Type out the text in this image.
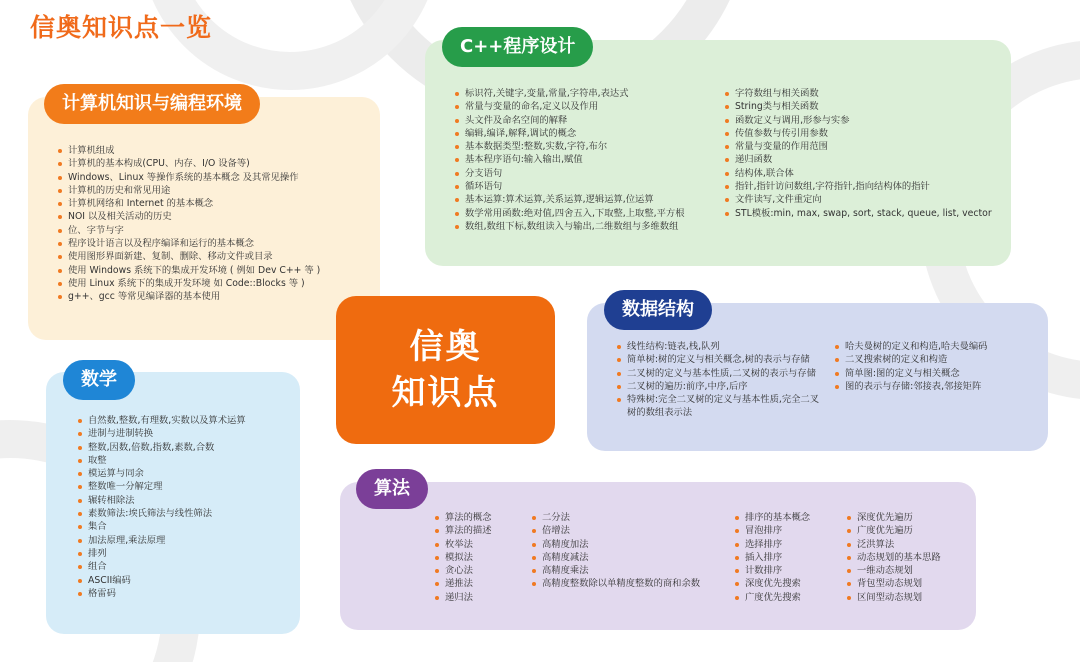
信奥知识点一览
计算机组成
计算机的基本构成(CPU、内存、I/O 设备等)
Windows、Linux 等操作系统的基本概念 及其常见操作
计算机的历史和常见用途
计算机网络和 Internet 的基本概念
NOI 以及相关活动的历史
位、字节与字
程序设计语言以及程序编译和运行的基本概念
使用图形界面新建、复制、删除、移动文件或目录
使用 Windows 系统下的集成开发环境 ( 例如 Dev C++ 等 )
使用 Linux 系统下的集成开发环境 如 Code::Blocks 等 )
g++、gcc 等常见编译器的基本使用
计算机知识与编程环境	标识符,关键字,变量,常量,字符串,表达式
常量与变量的命名,定义以及作用
头文件及命名空间的解释
编辑,编译,解释,调试的概念
基本数据类型:整数,实数,字符,布尔
基本程序语句:输入输出,赋值
分支语句
循环语句
基本运算:算术运算,关系运算,逻辑运算,位运算
数学常用函数:绝对值,四舍五入,下取整,上取整,平方根
数组,数组下标,数组读入与输出,二维数组与多维数组
字符数组与相关函数
String类与相关函数
函数定义与调用,形参与实参
传值参数与传引用参数
常量与变量的作用范围
递归函数
结构体,联合体
指针,指针访问数组,字符指针,指向结构体的指针
文件读写,文件重定向
STL模板:min, max, swap, sort, stack, queue, list, vector
C++程序设计
自然数,整数,有理数,实数以及算术运算
进制与进制转换
整数,因数,倍数,指数,素数,合数
取整
模运算与同余
整数唯一分解定理
辗转相除法
素数筛法:埃氏筛法与线性筛法
集合
加法原理,乘法原理
排列
组合
ASCII编码
格雷码
数学
信奥
知识点
线性结构:链表,栈,队列
简单树:树的定义与相关概念,树的表示与存储
二叉树的定义与基本性质,二叉树的表示与存储
二叉树的遍历:前序,中序,后序
特殊树:完全二叉树的定义与基本性质,完全二叉树的数组表示法
哈夫曼树的定义和构造,哈夫曼编码
二叉搜索树的定义和构造
简单图:图的定义与相关概念
图的表示与存储:邻接表,邻接矩阵
数据结构
算法的概念
算法的描述
枚举法
模拟法
贪心法
递推法
递归法
二分法
倍增法
高精度加法
高精度减法
高精度乘法
高精度整数除以单精度整数的商和余数
排序的基本概念
冒泡排序
选择排序
插入排序
计数排序
深度优先搜索
广度优先搜索
深度优先遍历
广度优先遍历
泛洪算法
动态规划的基本思路
一维动态规划
背包型动态规划
区间型动态规划
算法
